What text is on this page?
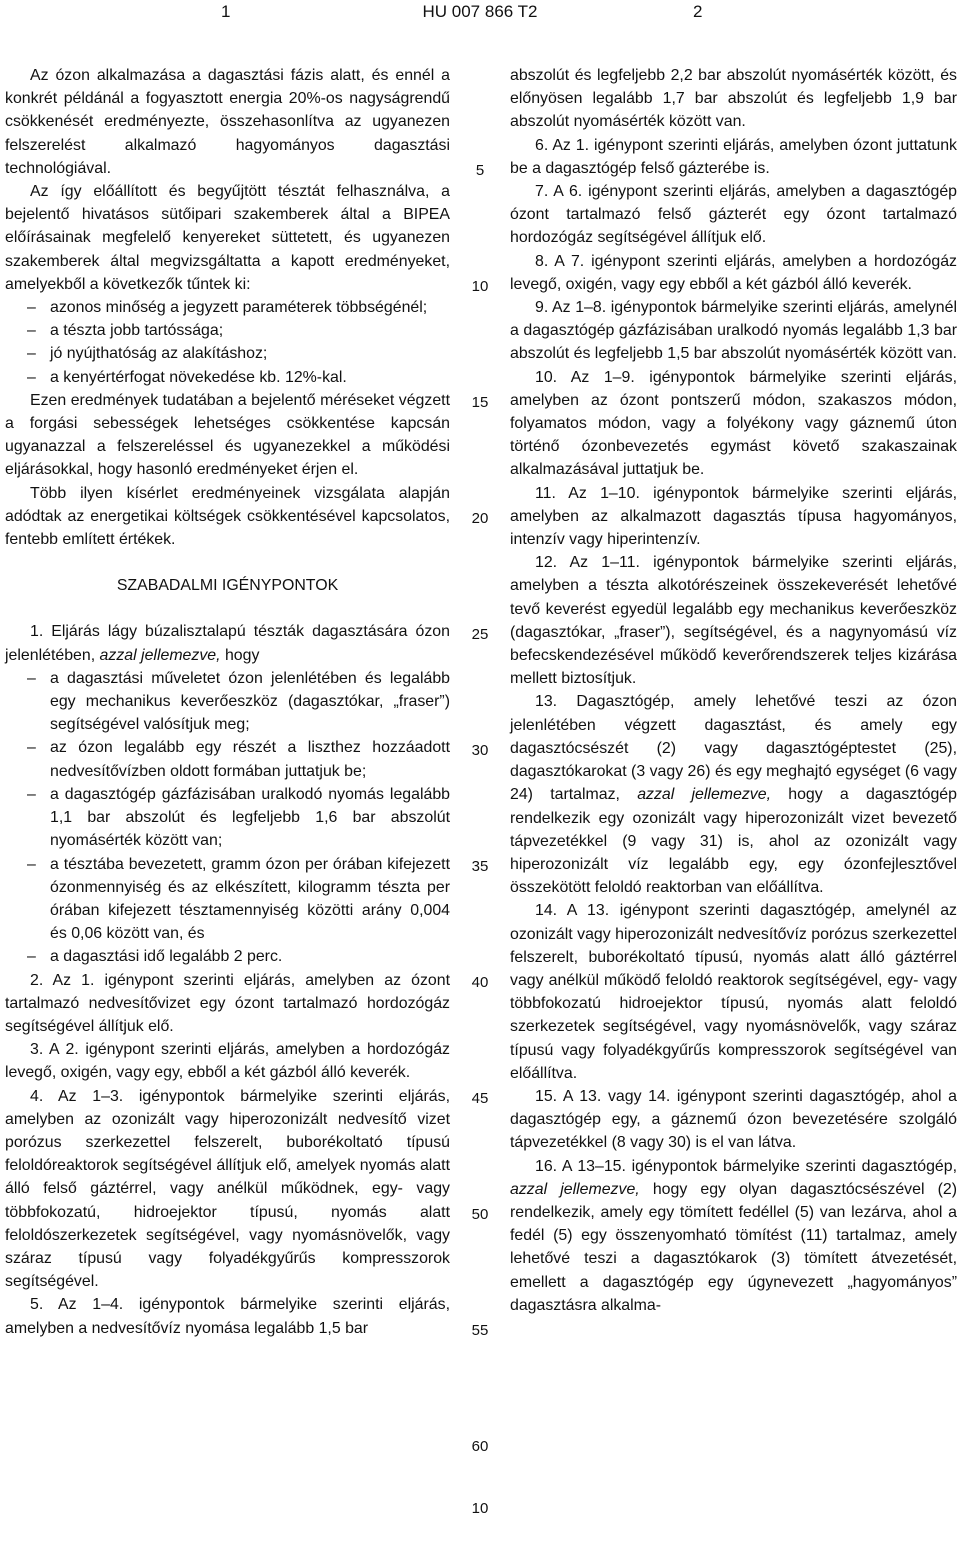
1	HU 007 866 T2	2

Az ózon alkalmazása a dagasztási fázis alatt, és ennél a konkrét példánál a fogyasztott energia 20%-os nagyságrendű csökkenését eredményezte, összehasonlítva az ugyanezen felszerelést alkalmazó hagyományos dagasztási technológiával.

Az így előállított és begyűjtött tésztát felhasználva, a bejelentő hivatásos sütőipari szakemberek által a BIPEA előírásainak megfelelő kenyereket süttetett, és ugyanezen szakemberek által megvizsgáltatta a kapott eredményeket, amelyekből a következők tűntek ki:

– azonos minőség a jegyzett paraméterek többségénél;

– a tészta jobb tartóssága;

– jó nyújthatóság az alakításhoz;

– a kenyértérfogat növekedése kb. 12%-kal.

Ezen eredmények tudatában a bejelentő méréseket végzett a forgási sebességek lehetséges csökkentése kapcsán ugyanazzal a felszereléssel és ugyanezekkel a működési eljárásokkal, hogy hasonló eredményeket érjen el.

Több ilyen kísérlet eredményeinek vizsgálata alapján adódtak az energetikai költségek csökkentésével kapcsolatos, fentebb említett értékek.

SZABADALMI IGÉNYPONTOK

1. Eljárás lágy búzalisztalapú tészták dagasztására ózon jelenlétében, azzal jellemezve, hogy

– a dagasztási műveletet ózon jelenlétében és legalább egy mechanikus keverőeszköz (dagasztókar, „fraser”) segítségével valósítjuk meg;

– az ózon legalább egy részét a liszthez hozzáadott nedvesítővízben oldott formában juttatjuk be;

– a dagasztógép gázfázisában uralkodó nyomás legalább 1,1 bar abszolút és legfeljebb 1,6 bar abszolút nyomásérték között van;

– a tésztába bevezetett, gramm ózon per órában kifejezett ózonmennyiség és az elkészített, kilogramm tészta per órában kifejezett tésztamennyiség közötti arány 0,004 és 0,06 között van, és

– a dagasztási idő legalább 2 perc.

2. Az 1. igénypont szerinti eljárás, amelyben az ózont tartalmazó nedvesítővizet egy ózont tartalmazó hordozógáz segítségével állítjuk elő.

3. A 2. igénypont szerinti eljárás, amelyben a hordozógáz levegő, oxigén, vagy egy, ebből a két gázból álló keverék.

4. Az 1–3. igénypontok bármelyike szerinti eljárás, amelyben az ozonizált vagy hiperozonizált nedvesítő vizet porózus szerkezettel felszerelt, buborékoltató típusú feloldóreaktorok segítségével állítjuk elő, amelyek nyomás alatt álló felső gáztérrel, vagy anélkül működnek, egy- vagy többfokozatú, hidroejektor típusú, nyomás alatt feloldószerkezetek segítségével, vagy nyomásnövelők, vagy száraz típusú vagy folyadékgyűrűs kompresszorok segítségével.

5. Az 1–4. igénypontok bármelyike szerinti eljárás, amelyben a nedvesítővíz nyomása legalább 1,5 bar

abszolút és legfeljebb 2,2 bar abszolút nyomásérték között, és előnyösen legalább 1,7 bar abszolút és legfeljebb 1,9 bar abszolút nyomásérték között van.

6. Az 1. igénypont szerinti eljárás, amelyben ózont juttatunk be a dagasztógép felső gázterébe is.

7. A 6. igénypont szerinti eljárás, amelyben a dagasztógép ózont tartalmazó felső gázterét egy ózont tartalmazó hordozógáz segítségével állítjuk elő.

8. A 7. igénypont szerinti eljárás, amelyben a hordozógáz levegő, oxigén, vagy egy ebből a két gázból álló keverék.

9. Az 1–8. igénypontok bármelyike szerinti eljárás, amelynél a dagasztógép gázfázisában uralkodó nyomás legalább 1,3 bar abszolút és legfeljebb 1,5 bar abszolút nyomásérték között van.

10. Az 1–9. igénypontok bármelyike szerinti eljárás, amelyben az ózont pontszerű módon, szakaszos módon, folyamatos módon, vagy a folyékony vagy gáznemű úton történő ózonbevezetés egymást követő szakaszainak alkalmazásával juttatjuk be.

11. Az 1–10. igénypontok bármelyike szerinti eljárás, amelyben az alkalmazott dagasztás típusa hagyományos, intenzív vagy hiperintenzív.

12. Az 1–11. igénypontok bármelyike szerinti eljárás, amelyben a tészta alkotórészeinek összekeverését lehetővé tevő keverést egyedül legalább egy mechanikus keverőeszköz (dagasztókar, „fraser”), segítségével, és a nagynyomású víz befecskendezésével működő keverőrendszerek teljes kizárása mellett biztosítjuk.

13. Dagasztógép, amely lehetővé teszi az ózon jelenlétében végzett dagasztást, és amely egy dagasztócsészét (2) vagy dagasztógéptestet (25), dagasztókarokat (3 vagy 26) és egy meghajtó egységet (6 vagy 24) tartalmaz, azzal jellemezve, hogy a dagasztógép rendelkezik egy ozonizált vagy hiperozonizált vizet bevezető tápvezetékkel (9 vagy 31) is, ahol az ozonizált vagy hiperozonizált víz legalább egy, egy ózonfejlesztővel összekötött feloldó reaktorban van előállítva.

14. A 13. igénypont szerinti dagasztógép, amelynél az ozonizált vagy hiperozonizált nedvesítővíz porózus szerkezettel felszerelt, buborékoltató típusú, nyomás alatt álló gáztérrel vagy anélkül működő feloldó reaktorok segítségével, egy- vagy többfokozatú hidroejektor típusú, nyomás alatt feloldó szerkezetek segítségével, vagy nyomásnövelők, vagy száraz típusú vagy folyadékgyűrűs kompresszorok segítségével van előállítva.

15. A 13. vagy 14. igénypont szerinti dagasztógép, ahol a dagasztógép egy, a gáznemű ózon bevezetésére szolgáló tápvezetékkel (8 vagy 30) is el van látva.

16. A 13–15. igénypontok bármelyike szerinti dagasztógép, azzal jellemezve, hogy egy olyan dagasztócsészével (2) rendelkezik, amely egy tömített fedéllel (5) van lezárva, ahol a fedél (5) egy összenyomható tömítést (11) tartalmaz, amely lehetővé teszi a dagasztókarok (3) tömített átvezetését, emellett a dagasztógép egy úgynevezett „hagyományos” dagasztásra alkalma-

5
10
15
20
25
30
35
40
45
50
55
60
10
